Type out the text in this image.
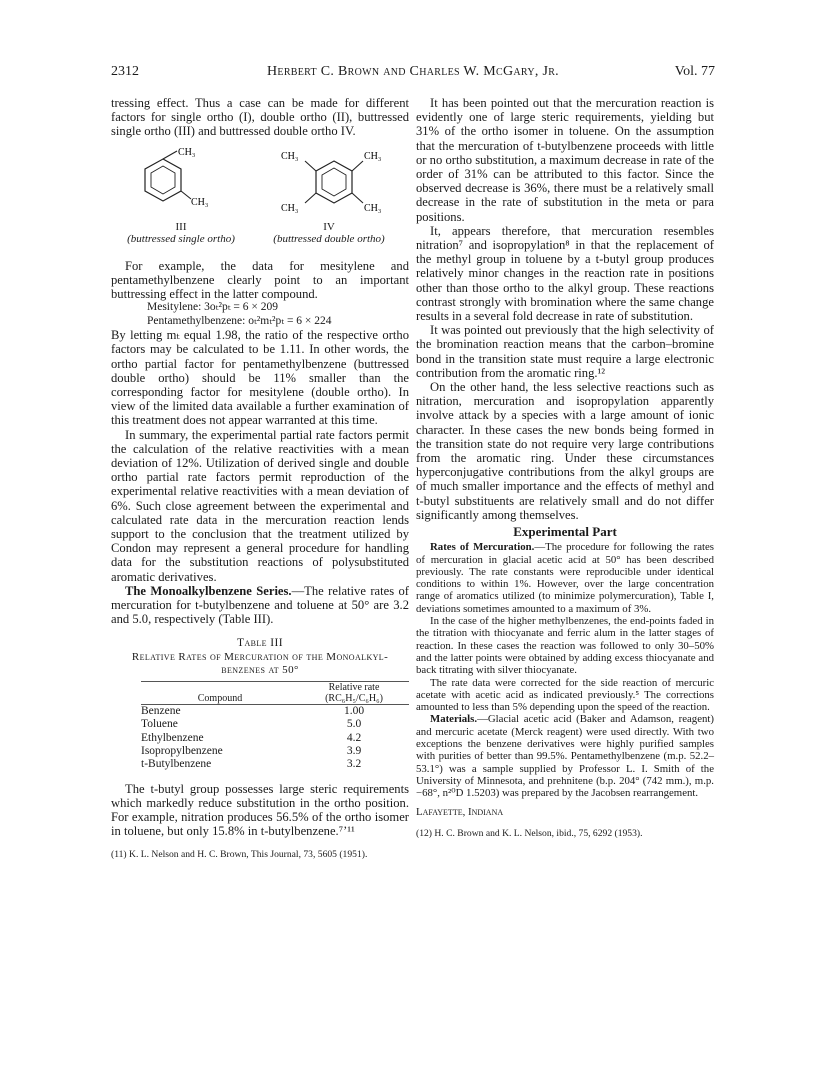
2312	Herbert C. Brown and Charles W. McGary, Jr.	Vol. 77

tressing effect. Thus a case can be made for different factors for single ortho (I), double ortho (II), buttressed single ortho (III) and buttressed double ortho IV.

CH₃
CH₃
III
(buttressed single ortho)
CH₃	CH₃
CH₃	CH₃
IV
(buttressed double ortho)

For example, the data for mesitylene and pentamethylbenzene clearly point to an important buttressing effect in the latter compound.

Mesitylene: 3oₜ²pₜ = 6 × 209

Pentamethylbenzene: oₜ²mₜ²pₜ = 6 × 224

By letting mₜ equal 1.98, the ratio of the respective ortho factors may be calculated to be 1.11. In other words, the ortho partial factor for pentamethylbenzene (buttressed double ortho) should be 11% smaller than the corresponding factor for mesitylene (double ortho). In view of the limited data available a further examination of this treatment does not appear warranted at this time.

In summary, the experimental partial rate factors permit the calculation of the relative reactivities with a mean deviation of 12%. Utilization of derived single and double ortho partial rate factors permit reproduction of the experimental relative reactivities with a mean deviation of 6%. Such close agreement between the experimental and calculated rate data in the mercuration reaction lends support to the conclusion that the treatment utilized by Condon may represent a general procedure for handling data for the substitution reactions of polysubstituted aromatic derivatives.

The Monoalkylbenzene Series.—The relative rates of mercuration for t-butylbenzene and toluene at 50° are 3.2 and 5.0, respectively (Table III).

Table III
Relative Rates of Mercuration of the Monoalkyl-
benzenes at 50°
Compound	Relative rate
(RC₆H₅/C₆H₆)

Benzene	1.00
Toluene	5.0
Ethylbenzene	4.2
Isopropylbenzene	3.9
t-Butylbenzene	3.2

The t-butyl group possesses large steric requirements which markedly reduce substitution in the ortho position. For example, nitration produces 56.5% of the ortho isomer in toluene, but only 15.8% in t-butylbenzene.⁷ʼ¹¹

(11) K. L. Nelson and H. C. Brown, This Journal, 73, 5605 (1951).

It has been pointed out that the mercuration reaction is evidently one of large steric requirements, yielding but 31% of the ortho isomer in toluene. On the assumption that the mercuration of t-butylbenzene proceeds with little or no ortho substitution, a maximum decrease in rate of the order of 31% can be attributed to this factor. Since the observed decrease is 36%, there must be a relatively small decrease in the rate of substitution in the meta or para positions.

It, appears therefore, that mercuration resembles nitration⁷ and isopropylation⁸ in that the replacement of the methyl group in toluene by a t-butyl group produces relatively minor changes in the reaction rate in positions other than those ortho to the alkyl group. These reactions contrast strongly with bromination where the same change results in a several fold decrease in rate of substitution.

It was pointed out previously that the high selectivity of the bromination reaction means that the carbon–bromine bond in the transition state must require a large electronic contribution from the aromatic ring.¹²

On the other hand, the less selective reactions such as nitration, mercuration and isopropylation apparently involve attack by a species with a large amount of ionic character. In these cases the new bonds being formed in the transition state do not require very large contributions from the aromatic ring. Under these circumstances hyperconjugative contributions from the alkyl groups are of much smaller importance and the effects of methyl and t-butyl substituents are relatively small and do not differ significantly among themselves.

Experimental Part

Rates of Mercuration.—The procedure for following the rates of mercuration in glacial acetic acid at 50° has been described previously. The rate constants were reproducible under identical conditions to within 1%. However, over the large concentration range of aromatics utilized (to minimize polymercuration), Table I, deviations sometimes amounted to a maximum of 3%.

In the case of the higher methylbenzenes, the end-points faded in the titration with thiocyanate and ferric alum in the latter stages of reaction. In these cases the reaction was followed to only 30–50% and the latter points were obtained by adding excess thiocyanate and back titrating with silver thiocyanate.

The rate data were corrected for the side reaction of mercuric acetate with acetic acid as indicated previously.⁵ The corrections amounted to less than 5% depending upon the speed of the reaction.

Materials.—Glacial acetic acid (Baker and Adamson, reagent) and mercuric acetate (Merck reagent) were used directly. With two exceptions the benzene derivatives were highly purified samples with purities of better than 99.5%. Pentamethylbenzene (m.p. 52.2–53.1°) was a sample supplied by Professor L. I. Smith of the University of Minnesota, and prehnitene (b.p. 204° (742 mm.), m.p. −68°, n²⁰D 1.5203) was prepared by the Jacobsen rearrangement.

Lafayette, Indiana

(12) H. C. Brown and K. L. Nelson, ibid., 75, 6292 (1953).
